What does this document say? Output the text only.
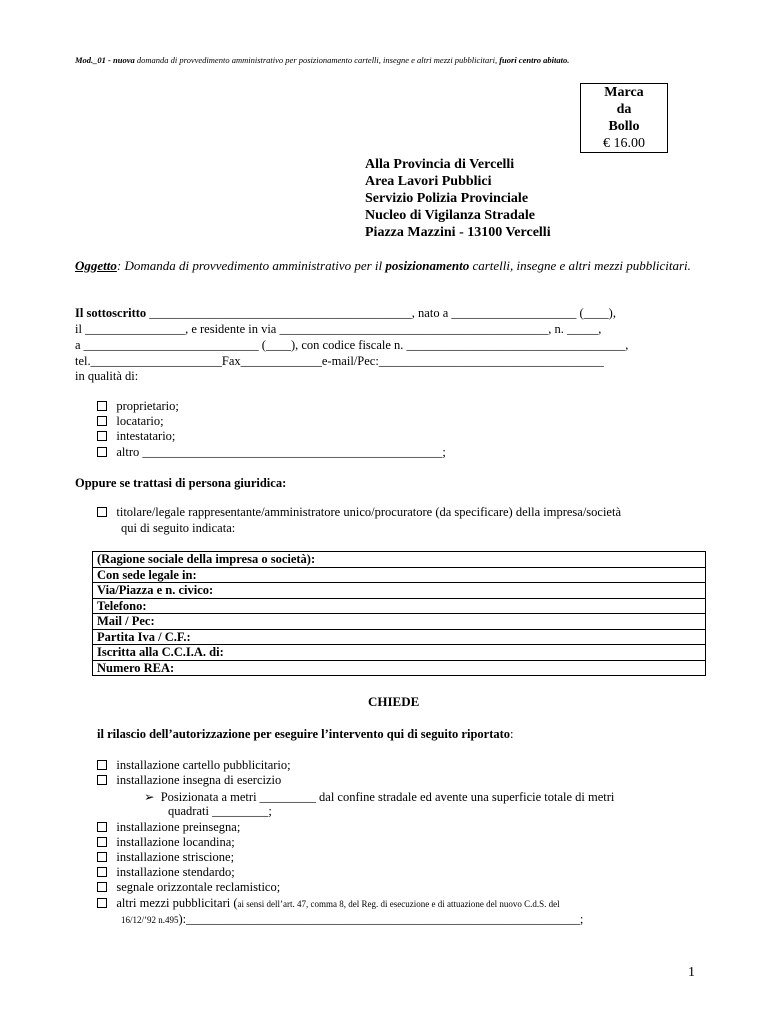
Mod._01 - nuova domanda di provvedimento amministrativo per posizionamento cartelli, insegne e altri mezzi pubblicitari, fuori centro abitato.
Marca
da
Bollo
€ 16.00
Alla Provincia di Vercelli
Area Lavori Pubblici
Servizio Polizia Provinciale
Nucleo di Vigilanza Stradale
Piazza Mazzini - 13100 Vercelli
Oggetto: Domanda di provvedimento amministrativo per il posizionamento cartelli, insegne e altri mezzi pubblicitari.
Il sottoscritto __________________________________________, nato a ____________________ (____),
il ________________, e residente in via ___________________________________________, n. _____,
a ____________________________ (____), con codice fiscale n. ___________________________________,
tel._____________________Fax_____________e-mail/Pec:____________________________________
in qualità di:
proprietario;
locatario;
intestatario;
altro ________________________________________________;
Oppure se trattasi di persona giuridica:
titolare/legale rappresentante/amministratore unico/procuratore (da specificare) della impresa/società
qui di seguito indicata:
(Ragione sociale della impresa o società):
Con sede legale in:
Via/Piazza e n. civico:
Telefono:
Mail / Pec:
Partita Iva / C.F.:
Iscritta alla C.C.I.A. di:
Numero REA:
CHIEDE
il rilascio dell’autorizzazione per eseguire l’intervento qui di seguito riportato:
installazione cartello pubblicitario;
installazione insegna di esercizio
➢ Posizionata a metri _________ dal confine stradale ed avente una superficie totale di metri
quadrati _________;
installazione preinsegna;
installazione locandina;
installazione striscione;
installazione stendardo;
segnale orizzontale reclamistico;
altri mezzi pubblicitari (ai sensi dell’art. 47, comma 8, del Reg. di esecuzione e di attuazione del nuovo C.d.S. del
16/12/’92 n.495):_______________________________________________________________;
1
